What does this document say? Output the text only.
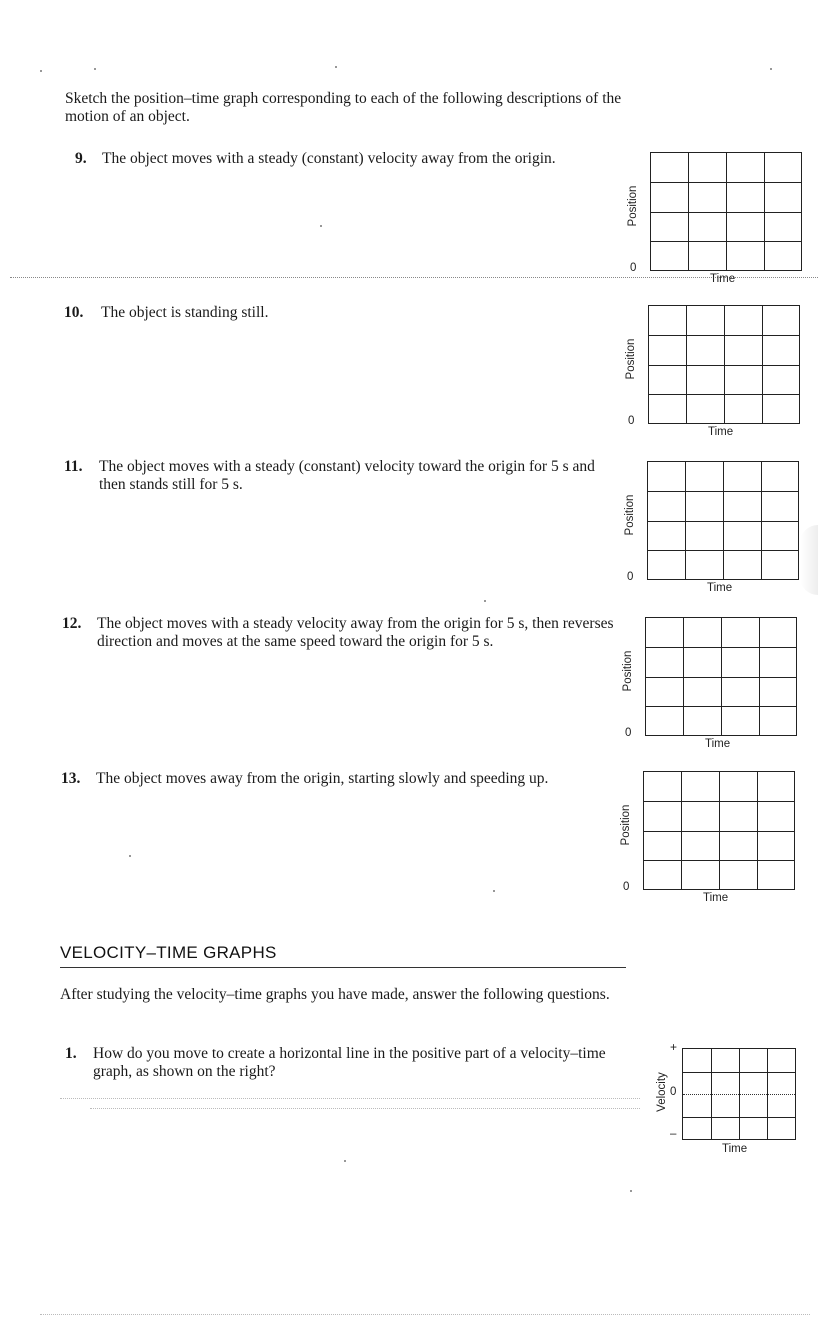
Sketch the position–time graph corresponding to each of the following descriptions of the motion of an object.
9. The object moves with a steady (constant) velocity away from the origin.
10. The object is standing still.
11. The object moves with a steady (constant) velocity toward the origin for 5 s and then stands still for 5 s.
12. The object moves with a steady velocity away from the origin for 5 s, then reverses direction and moves at the same speed toward the origin for 5 s.
13. The object moves away from the origin, starting slowly and speeding up.
Position
0
Time
Position
0
Time
Position
0
Time
Position
0
Time
Position
0
Time
VELOCITY–TIME GRAPHS
After studying the velocity–time graphs you have made, answer the following questions.
1. How do you move to create a horizontal line in the positive part of a velocity–time graph, as shown on the right?
+
0
–
Velocity
Time
